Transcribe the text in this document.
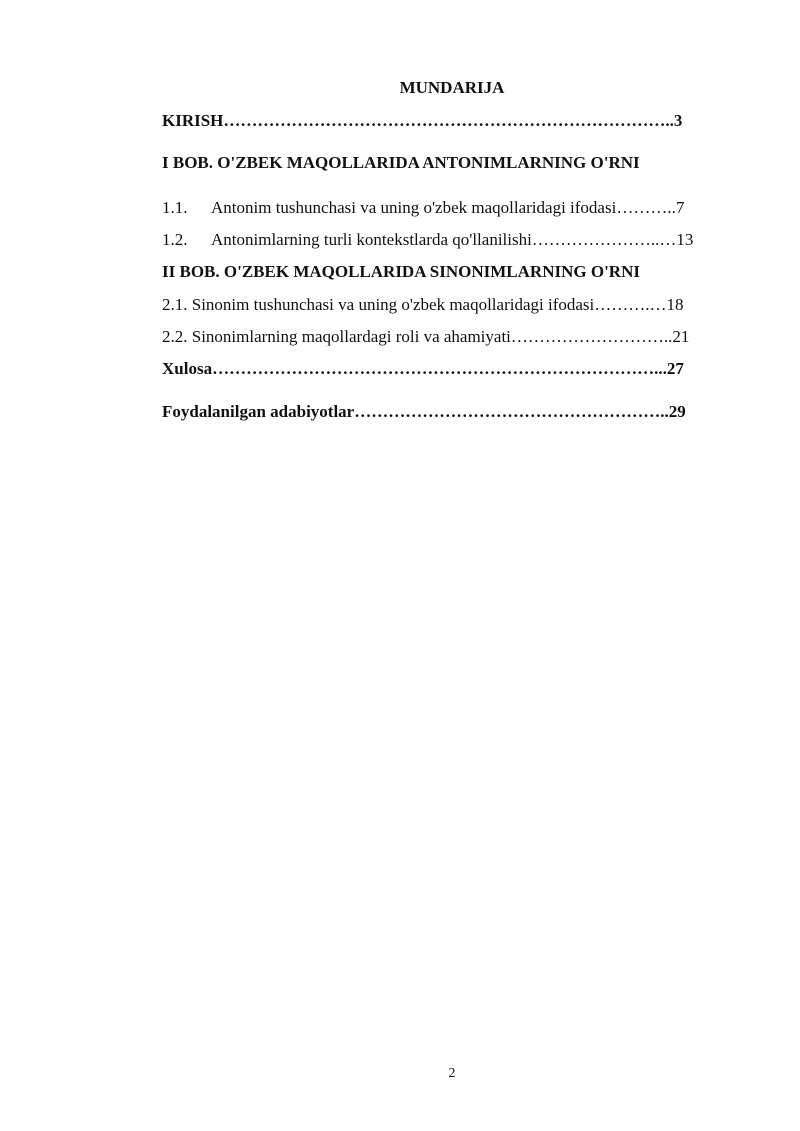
MUNDARIJA
KIRISH……………………………………………………………………..3
I BOB. O'ZBEK MAQOLLARIDA ANTONIMLARNING O'RNI
1.1. Antonim tushunchasi va uning o'zbek maqollaridagi ifodasi………..7
1.2. Antonimlarning turli kontekstlarda qo'llanilishi…………………..…13
II BOB. O'ZBEK MAQOLLARIDA SINONIMLARNING O'RNI
2.1. Sinonim tushunchasi va uning o'zbek maqollaridagi ifodasi……….…18
2.2. Sinonimlarning maqollardagi roli va ahamiyati………………………..21
Xulosa……………………………………………………………………...27
Foydalanilgan adabiyotlar………………………………………………..29
2
